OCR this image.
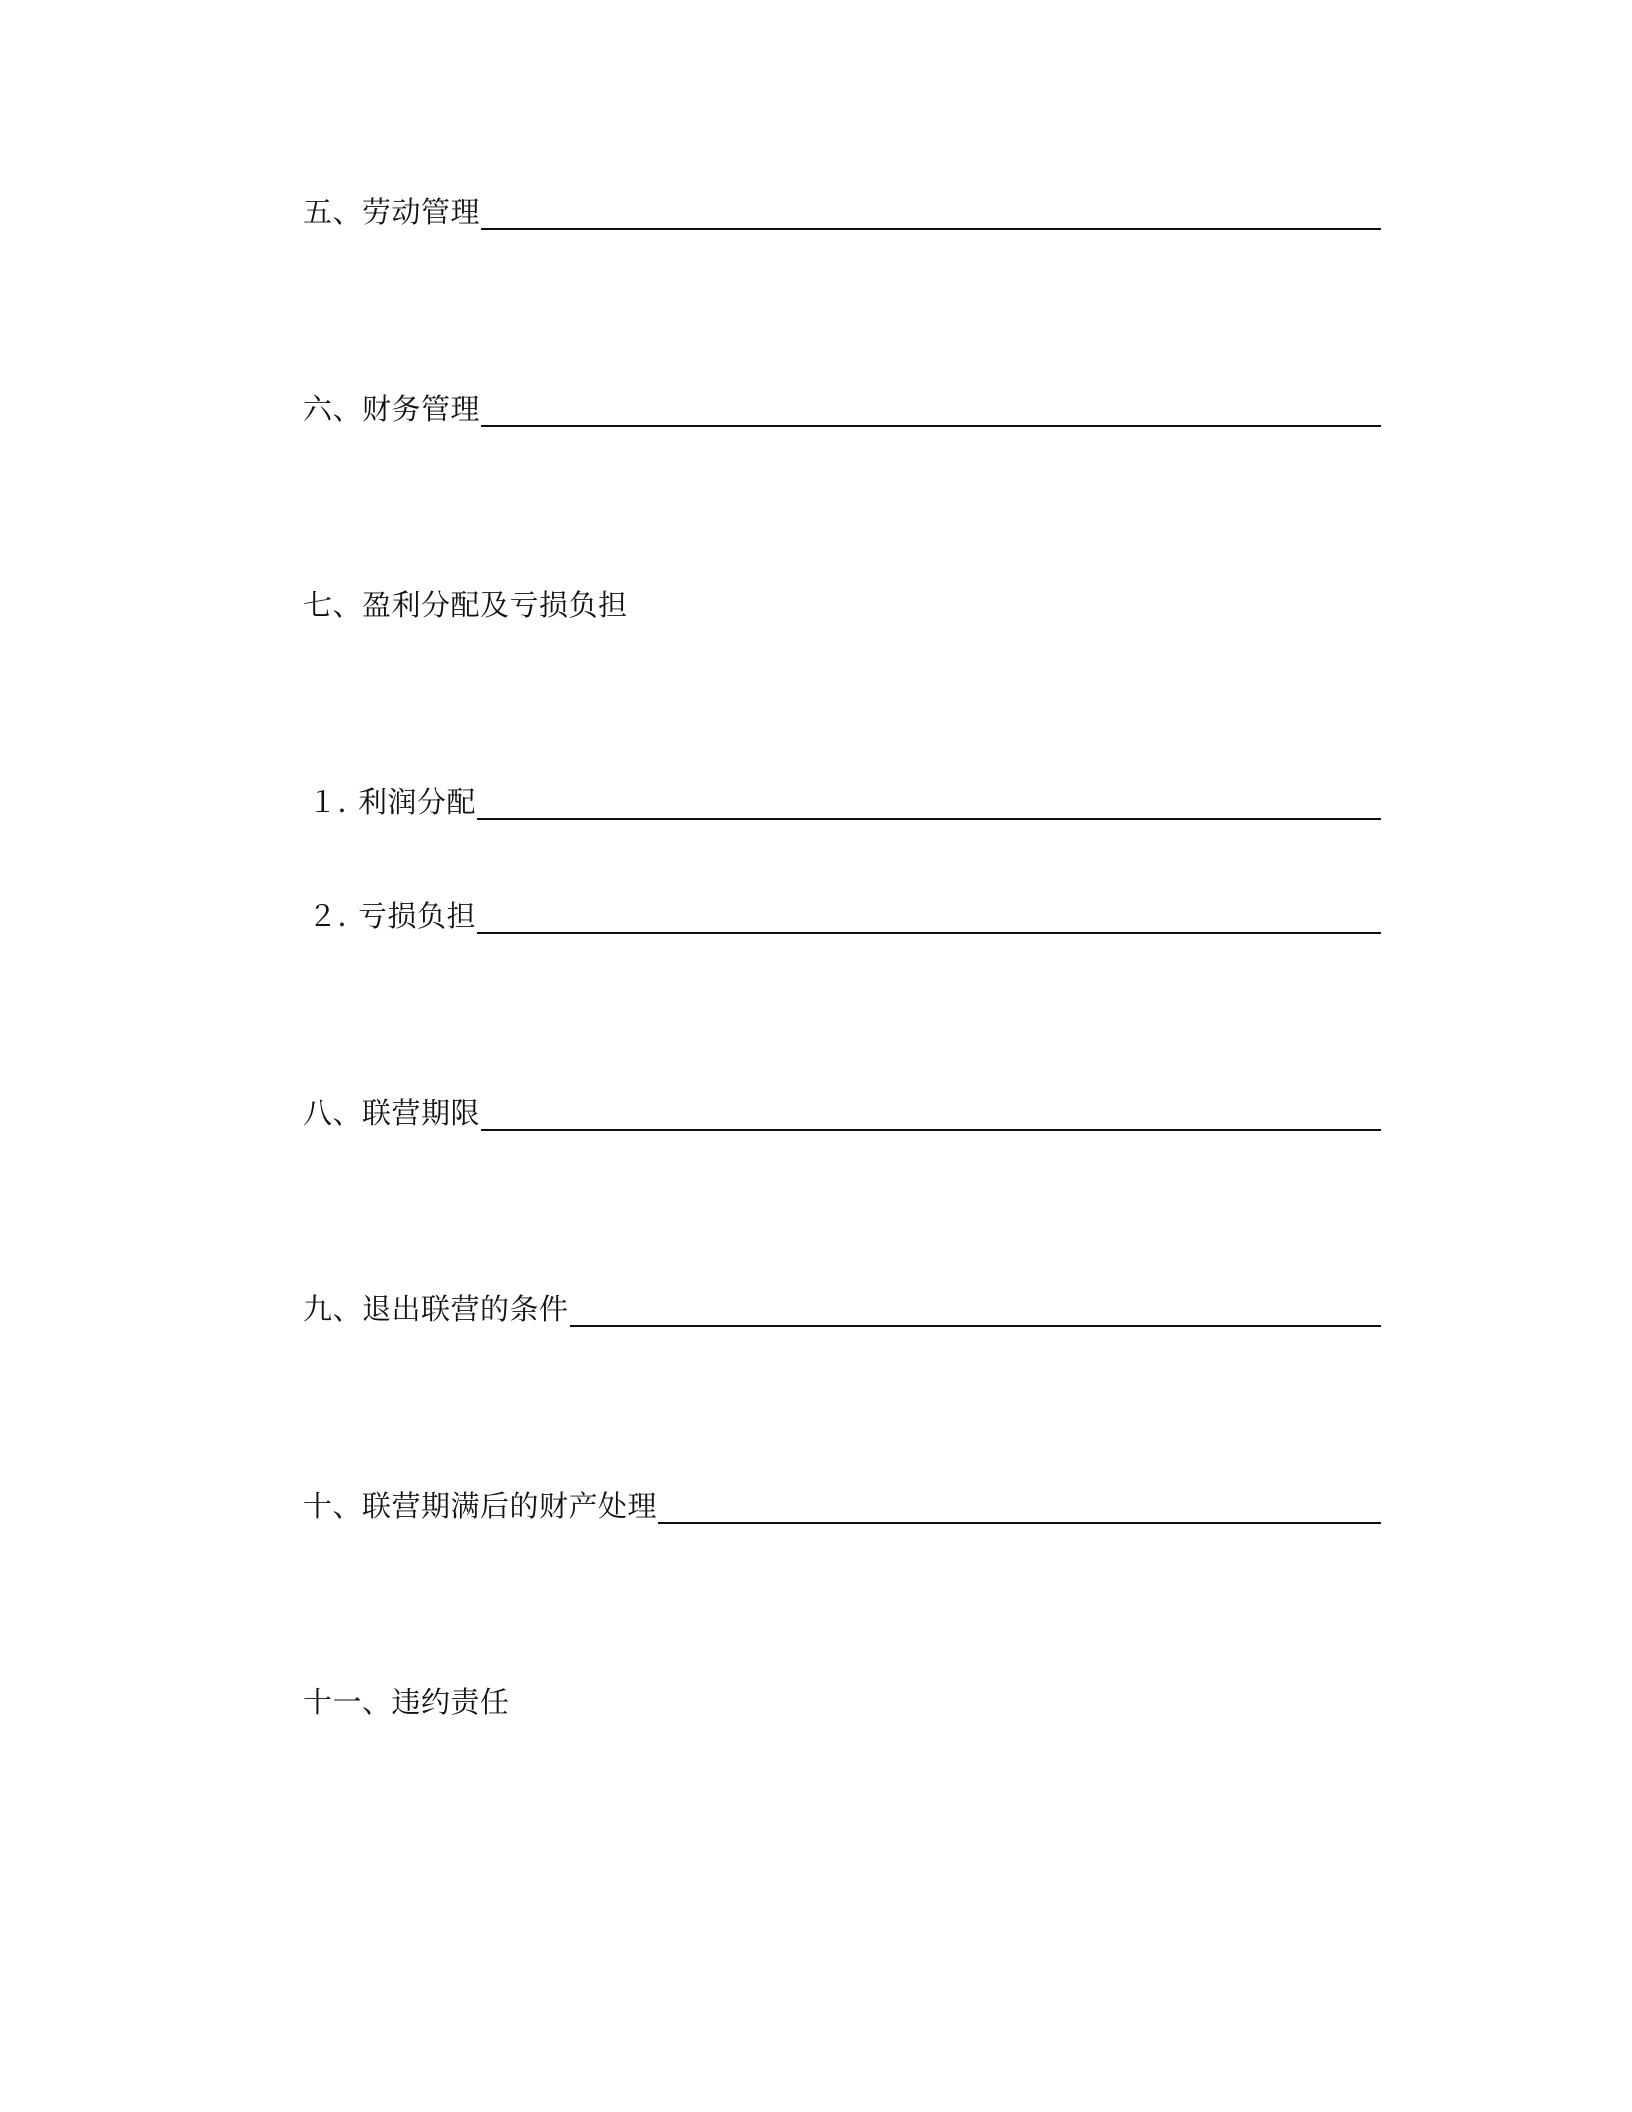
五、劳动管理
六、财务管理
七、盈利分配及亏损负担
１．利润分配
２．亏损负担
八、联营期限
九、退出联营的条件
十、联营期满后的财产处理
十一、违约责任
